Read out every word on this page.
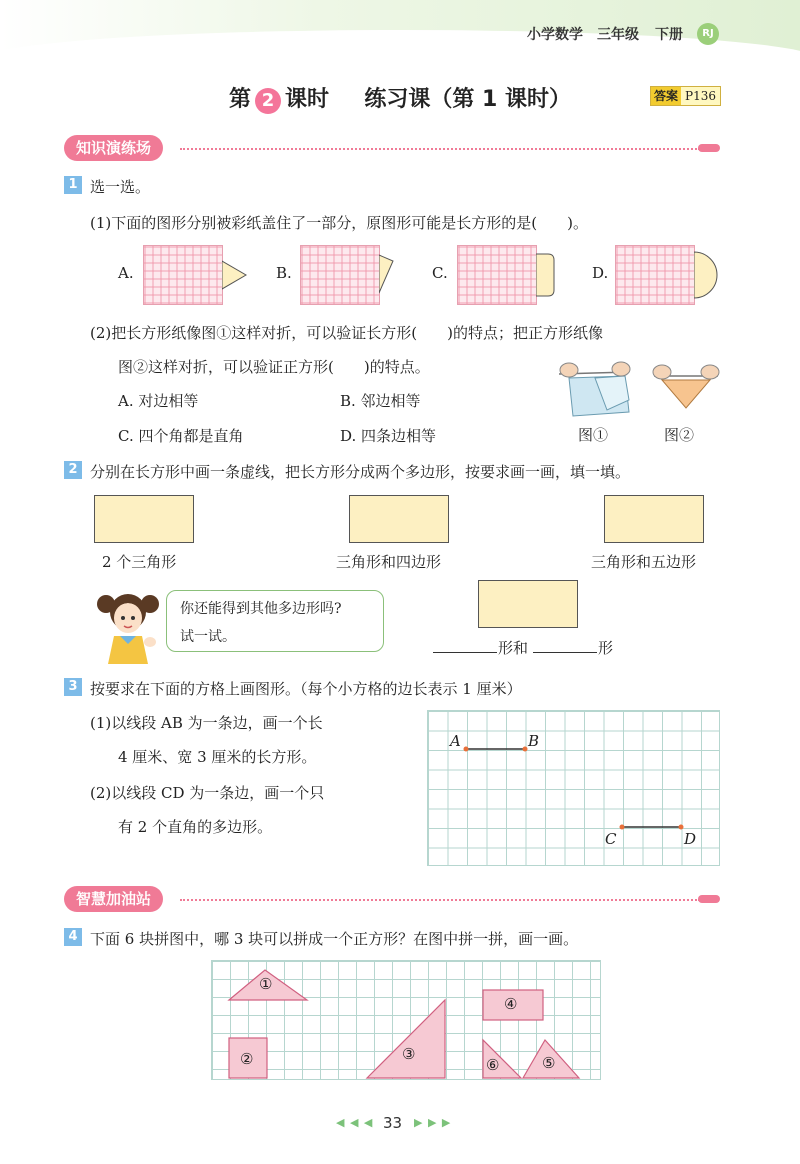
小学数学 三年级 下册	RJ
第 2 课时 练习课（第 1 课时）	答案 P136
知识演练场
1 选一选。
(1)下面的图形分别被彩纸盖住了一部分，原图形可能是长方形的是(　　)。
A.	B.	C.	D.
(2)把长方形纸像图①这样对折，可以验证长方形(　　)的特点；把正方形纸像
图②这样对折，可以验证正方形(　　)的特点。
A. 对边相等	B. 邻边相等
C. 四个角都是直角	D. 四条边相等	图①	图②
2 分别在长方形中画一条虚线，把长方形分成两个多边形，按要求画一画，填一填。
2 个三角形	三角形和四边形	三角形和五边形
你还能得到其他多边形吗?
试一试。
形和	形
3 按要求在下面的方格上画图形。（每个小方格的边长表示 1 厘米）
(1)以线段 AB 为一条边，画一个长
4 厘米、宽 3 厘米的长方形。
(2)以线段 CD 为一条边，画一个只
有 2 个直角的多边形。
A	B
C	D
智慧加油站
4 下面 6 块拼图中，哪 3 块可以拼成一个正方形？在图中拼一拼，画一画。
①
②	③
④
⑤
⑥
◀ ◀ ◀ 33 ▶ ▶ ▶
